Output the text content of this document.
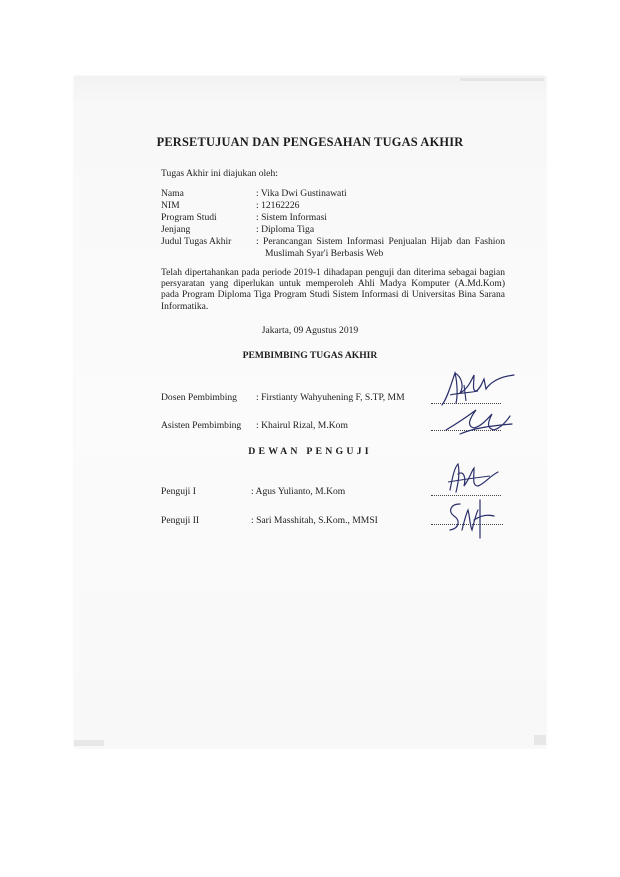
PERSETUJUAN DAN PENGESAHAN TUGAS AKHIR
Tugas Akhir ini diajukan oleh:
Nama	: Vika Dwi Gustinawati
NIM	: 12162226
Program Studi	: Sistem Informasi
Jenjang	: Diploma Tiga
Judul Tugas Akhir	: Perancangan Sistem Informasi Penjualan Hijab dan Fashion
Muslimah Syar'i Berbasis Web
Telah dipertahankan pada periode 2019-1 dihadapan penguji dan diterima sebagai bagian
persyaratan yang diperlukan untuk memperoleh Ahli Madya Komputer (A.Md.Kom)
pada Program Diploma Tiga Program Studi Sistem Informasi di Universitas Bina Sarana
Informatika.
Jakarta, 09 Agustus 2019
PEMBIMBING TUGAS AKHIR
Dosen Pembimbing : Firstianty Wahyuhening F, S.TP, MM
Asisten Pembimbing : Khairul Rizal, M.Kom
DEWAN PENGUJI
Penguji I	: Agus Yulianto, M.Kom
Penguji II	: Sari Masshitah, S.Kom., MMSI
